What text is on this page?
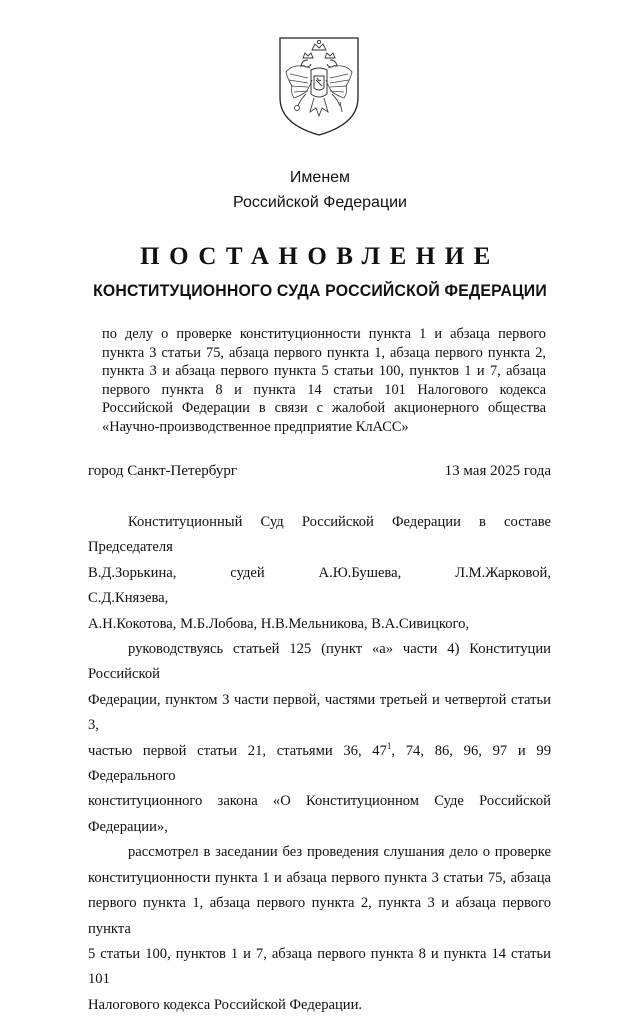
Именем
Российской Федерации
ПОСТАНОВЛЕНИЕ
КОНСТИТУЦИОННОГО СУДА РОССИЙСКОЙ ФЕДЕРАЦИИ
по делу о проверке конституционности пункта 1 и абзаца первого пункта 3 статьи 75, абзаца первого пункта 1, абзаца первого пункта 2, пункта 3 и абзаца первого пункта 5 статьи 100, пунктов 1 и 7, абзаца первого пункта 8 и пункта 14 статьи 101 Налогового кодекса Российской Федерации в связи с жалобой акционерного общества «Научно-производственное предприятие КлАСС»
город Санкт-Петербург	13 мая 2025 года

Конституционный Суд Российской Федерации в составе Председателя
В.Д.Зорькина, судей А.Ю.Бушева, Л.М.Жарковой, С.Д.Князева,
А.Н.Кокотова, М.Б.Лобова, Н.В.Мельникова, В.А.Сивицкого,

руководствуясь статьей 125 (пункт «а» части 4) Конституции Российской
Федерации, пунктом 3 части первой, частями третьей и четвертой статьи 3,
частью первой статьи 21, статьями 36, $47^1$, 74, 86, 96, 97 и 99 Федерального
конституционного закона «О Конституционном Суде Российской Федерации»,

рассмотрел в заседании без проведения слушания дело о проверке
конституционности пункта 1 и абзаца первого пункта 3 статьи 75, абзаца
первого пункта 1, абзаца первого пункта 2, пункта 3 и абзаца первого пункта
5 статьи 100, пунктов 1 и 7, абзаца первого пункта 8 и пункта 14 статьи 101
Налогового кодекса Российской Федерации.
